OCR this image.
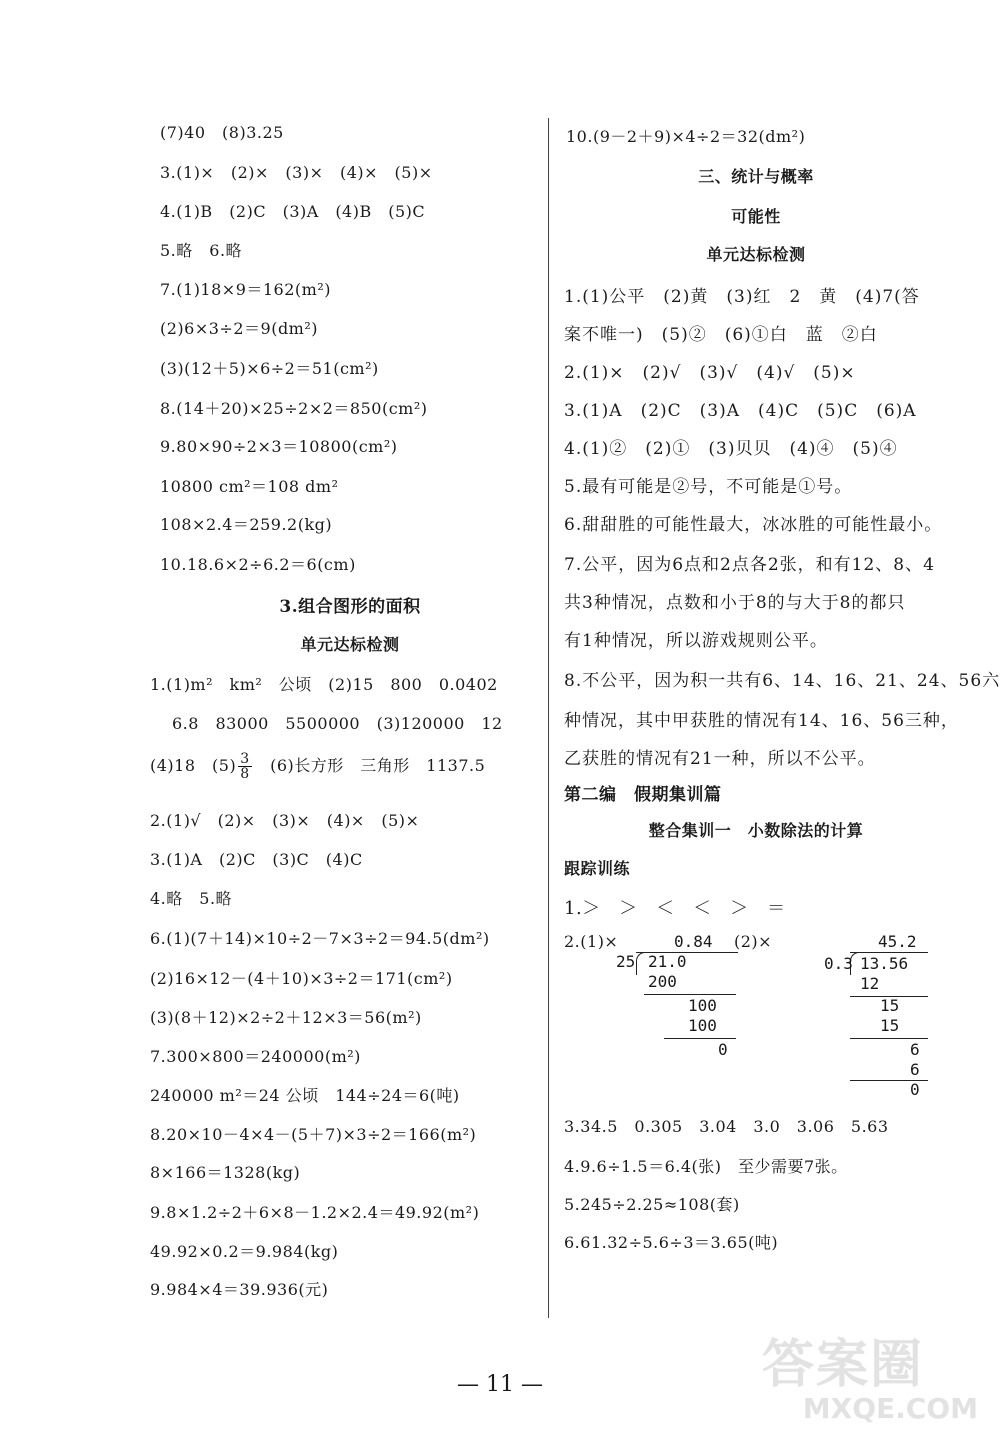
(7)40　(8)3.25
3.(1)×　(2)×　(3)×　(4)×　(5)×
4.(1)B　(2)C　(3)A　(4)B　(5)C
5.略　6.略
7.(1)18×9＝162(m²)
(2)6×3÷2＝9(dm²)
(3)(12＋5)×6÷2＝51(cm²)
8.(14＋20)×25÷2×2＝850(cm²)
9.80×90÷2×3＝10800(cm²)
10800 cm²＝108 dm²
108×2.4＝259.2(kg)
10.18.6×2÷6.2＝6(cm)
3.组合图形的面积
单元达标检测
1.(1)m²　km²　公顷　(2)15　800　0.0402
6.8　83000　5500000　(3)120000　12
(4)18　$(5) \frac{3}{8}$ 　(6)长方形　三角形　1137.5
2.(1)√　(2)×　(3)×　(4)×　(5)×
3.(1)A　(2)C　(3)C　(4)C
4.略　5.略
6.(1)(7＋14)×10÷2－7×3÷2＝94.5(dm²)
(2)16×12－(4＋10)×3÷2＝171(cm²)
(3)(8＋12)×2÷2＋12×3＝56(m²)
7.300×800＝240000(m²)
240000 m²＝24 公顷　144÷24＝6(吨)
8.20×10－4×4－(5＋7)×3÷2＝166(m²)
8×166＝1328(kg)
9.8×1.2÷2＋6×8－1.2×2.4＝49.92(m²)
49.92×0.2＝9.984(kg)
9.984×4＝39.936(元)
10.(9－2＋9)×4÷2＝32(dm²)
三、统计与概率
可能性
单元达标检测
1.(1)公平　(2)黄　(3)红　2　黄　(4)7(答
案不唯一)　(5)②　(6)①白　蓝　②白
2.(1)×　(2)√　(3)√　(4)√　(5)×
3.(1)A　(2)C　(3)A　(4)C　(5)C　(6)A
4.(1)②　(2)①　(3)贝贝　(4)④　(5)④
5.最有可能是②号，不可能是①号。
6.甜甜胜的可能性最大，冰冰胜的可能性最小。
7.公平，因为6点和2点各2张，和有12、8、4
共3种情况，点数和小于8的与大于8的都只
有1种情况，所以游戏规则公平。
8.不公平，因为积一共有6、14、16、21、24、56六
种情况，其中甲获胜的情况有14、16、56三种，
乙获胜的情况有21一种，所以不公平。
第二编　假期集训篇
整合集训一　小数除法的计算
跟踪训练
1.＞　＞　＜　＜　＞　＝
2.(1)×	(2)×
0.84
25 21.0
200
100
100
0
45.2
0.3 13.56
12
15
15
6
6
0
3.34.5　0.305　3.04　3.0　3.06　5.63
4.9.6÷1.5＝6.4(张)　至少需要7张。
5.245÷2.25≈108(套)
6.61.32÷5.6÷3＝3.65(吨)
— 11 —	答案圈
MXQE.COM
